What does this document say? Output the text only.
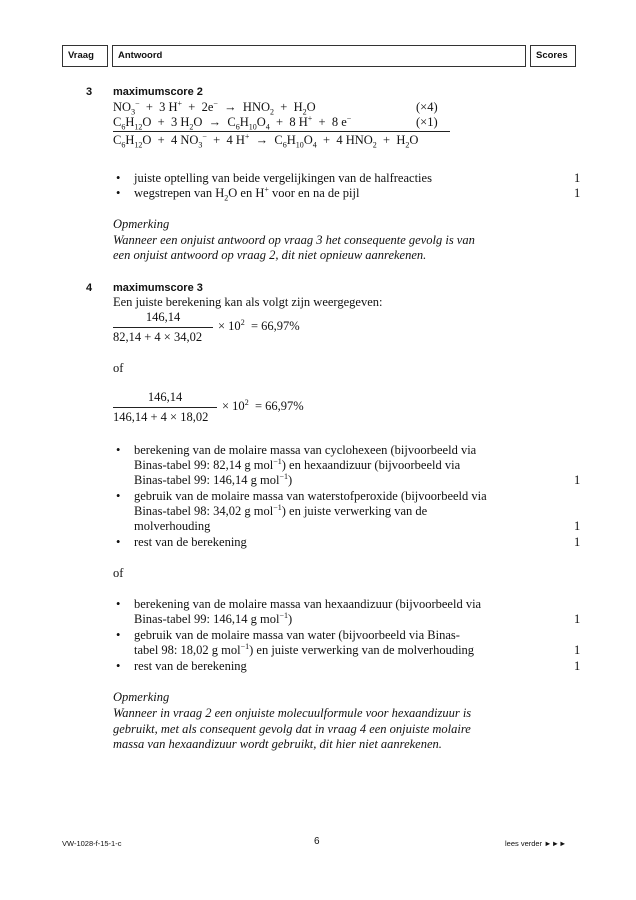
Vraag	Antwoord	Scores
3 maximumscore 2
$NO_3^- + 3$ $H^+ + 2e^- \to HNO_2 + H_2O$	(×4)
$C_6H_{12}O + 3$ $H_2O \to C_6H_{10}O_4 + 8$ H+  +  8 e−	(×1)
$C_6H_{12}O + 4$ $NO_3^- + 4$ $H^+ \to C_6H_{10}O_4 + 4$ $HNO_2 + H_2O$
• juiste optelling van beide vergelijkingen van de halfreacties	1
• wegstrepen van $H_2O$ en H+ voor en na de pijl	1
Opmerking
Wanneer een onjuist antwoord op vraag 3 het consequente gevolg is van
een onjuist antwoord op vraag 2, dit niet opnieuw aanrekenen.
4 maximumscore 3
Een juiste berekening kan als volgt zijn weergegeven:
146,14
82,14 + 4 × 34,02
× $10^2 = 66,97\%$
of
146,14
146,14 + 4 × 18,02
× $10^2 = 66,97\%$
• berekening van de molaire massa van cyclohexeen (bijvoorbeeld via
Binas-tabel 99: 82,14 g mol$^{-1}$) en hexaandizuur (bijvoorbeeld via
Binas-tabel 99: 146,14 g mol$^{-1}$)	1
• gebruik van de molaire massa van waterstofperoxide (bijvoorbeeld via
Binas-tabel 98: 34,02 g mol$^{-1}$) en juiste verwerking van de
molverhouding	1
• rest van de berekening	1
of
• berekening van de molaire massa van hexaandizuur (bijvoorbeeld via
Binas-tabel 99: 146,14 g mol$^{-1}$)	1
• gebruik van de molaire massa van water (bijvoorbeeld via Binas-
tabel 98: 18,02 g mol$^{-1}$) en juiste verwerking van de molverhouding	1
• rest van de berekening	1
Opmerking
Wanneer in vraag 2 een onjuiste molecuulformule voor hexaandizuur is
gebruikt, met als consequent gevolg dat in vraag 4 een onjuiste molaire
massa van hexaandizuur wordt gebruikt, dit hier niet aanrekenen.
VW-1028-f-15-1-c	6	lees verder ►►►
